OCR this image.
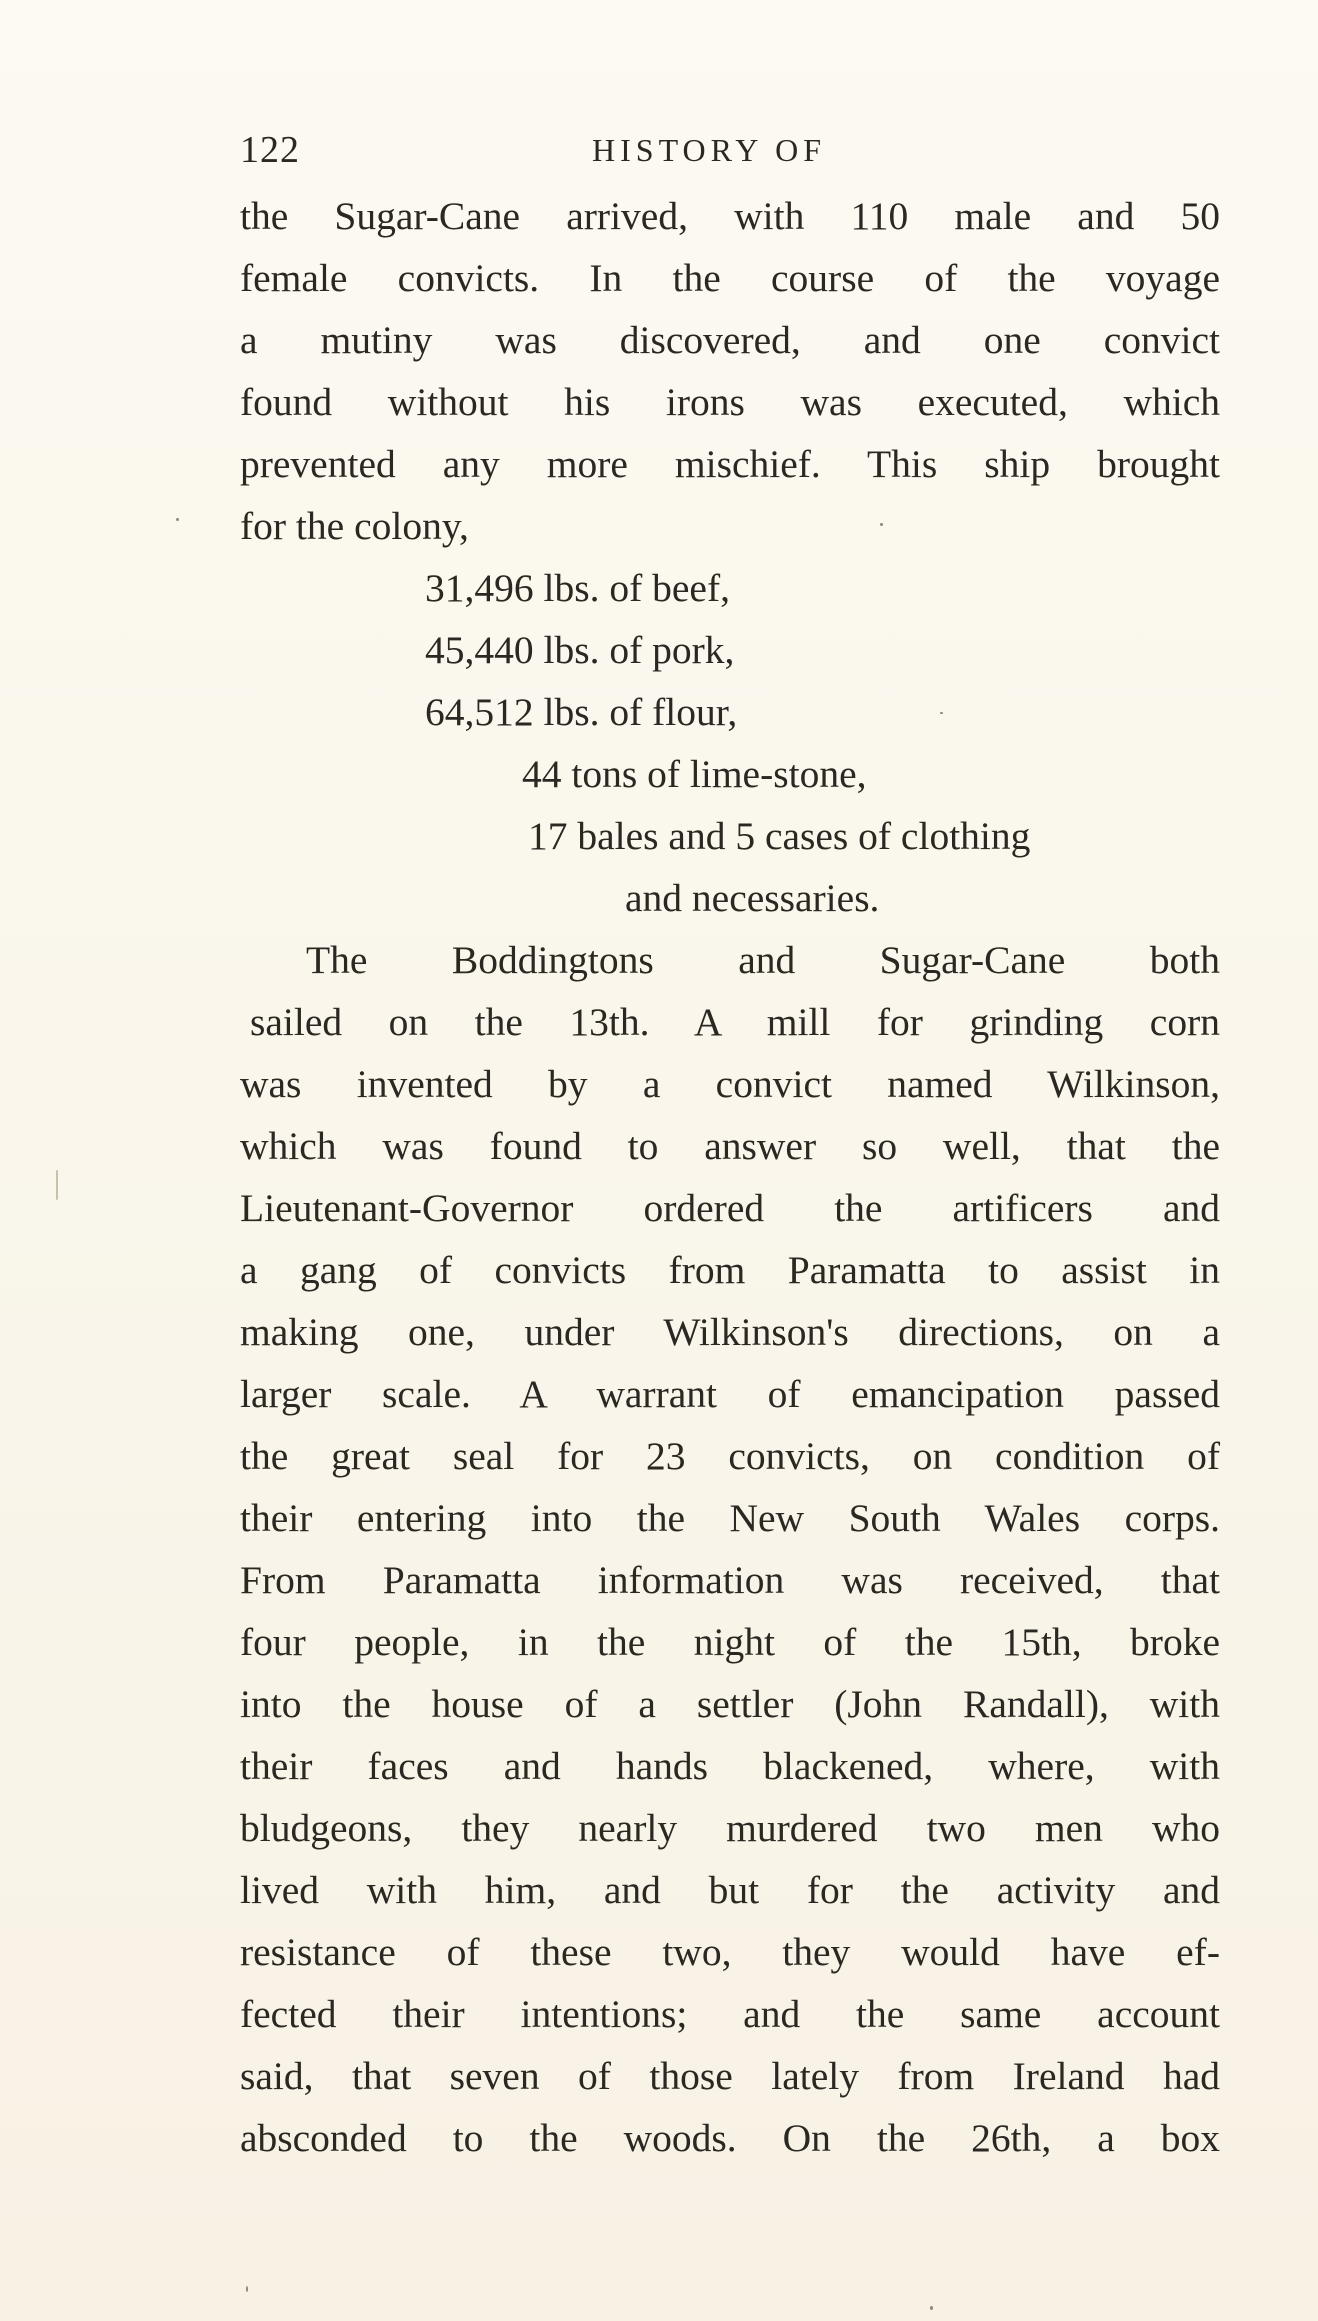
122	HISTORY OF
the Sugar-Cane arrived, with 110 male and 50
female convicts. In the course of the voyage
a mutiny was discovered, and one convict
found without his irons was executed, which
prevented any more mischief. This ship brought
for the colony,
31,496 lbs. of beef,
45,440 lbs. of pork,
64,512 lbs. of flour,
44 tons of lime-stone,
17 bales and 5 cases of clothing
and necessaries.
The Boddingtons and Sugar-Cane both
sailed on the 13th. A mill for grinding corn
was invented by a convict named Wilkinson,
which was found to answer so well, that the
Lieutenant-Governor ordered the artificers and
a gang of convicts from Paramatta to assist in
making one, under Wilkinson's directions, on a
larger scale. A warrant of emancipation passed
the great seal for 23 convicts, on condition of
their entering into the New South Wales corps.
From Paramatta information was received, that
four people, in the night of the 15th, broke
into the house of a settler (John Randall), with
their faces and hands blackened, where, with
bludgeons, they nearly murdered two men who
lived with him, and but for the activity and
resistance of these two, they would have ef-
fected their intentions; and the same account
said, that seven of those lately from Ireland had
absconded to the woods. On the 26th, a box
